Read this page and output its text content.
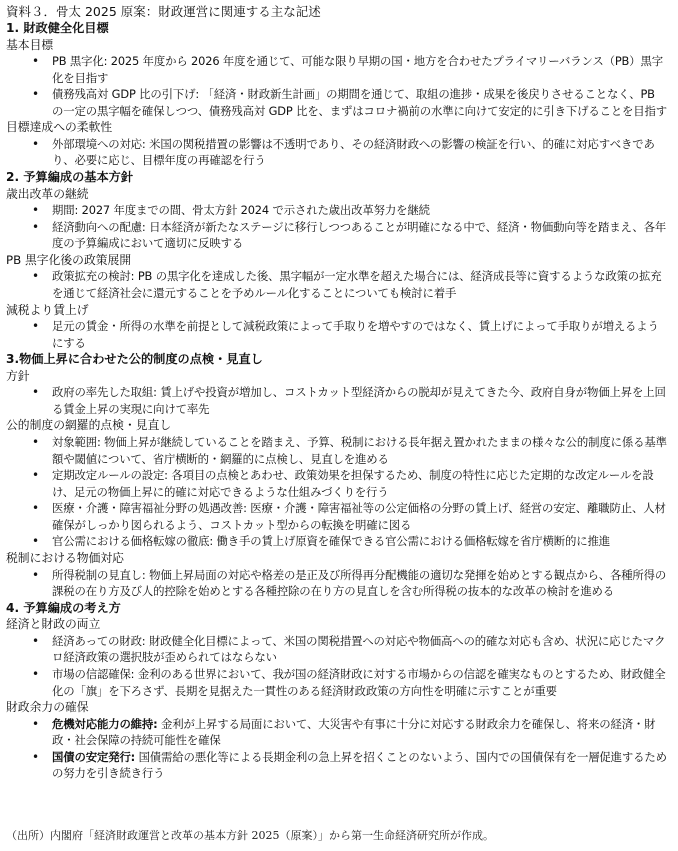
資料３．骨太 2025 原案：財政運営に関連する主な記述
1. 財政健全化目標
基本目標
• PB 黒字化: 2025 年度から 2026 年度を通じて、可能な限り早期の国・地方を合わせたプライマリーバランス（PB）黒字化を目指す
• 債務残高対 GDP 比の引下げ: 「経済・財政新生計画」の期間を通じて、取組の進捗・成果を後戻りさせることなく、PB の一定の黒字幅を確保しつつ、債務残高対 GDP 比を、まずはコロナ禍前の水準に向けて安定的に引き下げることを目指す
目標達成への柔軟性
• 外部環境への対応: 米国の関税措置の影響は不透明であり、その経済財政への影響の検証を行い、的確に対応すべきであり、必要に応じ、目標年度の再確認を行う
2. 予算編成の基本方針
歳出改革の継続
• 期間: 2027 年度までの間、骨太方針 2024 で示された歳出改革努力を継続
• 経済動向への配慮: 日本経済が新たなステージに移行しつつあることが明確になる中で、経済・物価動向等を踏まえ、各年度の予算編成において適切に反映する
PB 黒字化後の政策展開
• 政策拡充の検討: PB の黒字化を達成した後、黒字幅が一定水準を超えた場合には、経済成長等に資するような政策の拡充を通じて経済社会に還元することを予めルール化することについても検討に着手
減税より賃上げ
• 足元の賃金・所得の水準を前提として減税政策によって手取りを増やすのではなく、賃上げによって手取りが増えるようにする
3.物価上昇に合わせた公的制度の点検・見直し
方針
• 政府の率先した取組: 賃上げや投資が増加し、コストカット型経済からの脱却が見えてきた今、政府自身が物価上昇を上回る賃金上昇の実現に向けて率先
公的制度の網羅的点検・見直し
• 対象範囲: 物価上昇が継続していることを踏まえ、予算、税制における長年据え置かれたままの様々な公的制度に係る基準額や閾値について、省庁横断的・網羅的に点検し、見直しを進める
• 定期改定ルールの設定: 各項目の点検とあわせ、政策効果を担保するため、制度の特性に応じた定期的な改定ルールを設け、足元の物価上昇に的確に対応できるような仕組みづくりを行う
• 医療・介護・障害福祉分野の処遇改善: 医療・介護・障害福祉等の公定価格の分野の賃上げ、経営の安定、離職防止、人材確保がしっかり図られるよう、コストカット型からの転換を明確に図る
• 官公需における価格転嫁の徹底: 働き手の賃上げ原資を確保できる官公需における価格転嫁を省庁横断的に推進
税制における物価対応
• 所得税制の見直し: 物価上昇局面の対応や格差の是正及び所得再分配機能の適切な発揮を始めとする観点から、各種所得の課税の在り方及び人的控除を始めとする各種控除の在り方の見直しを含む所得税の抜本的な改革の検討を進める
4. 予算編成の考え方
経済と財政の両立
• 経済あっての財政: 財政健全化目標によって、米国の関税措置への対応や物価高への的確な対応も含め、状況に応じたマクロ経済政策の選択肢が歪められてはならない
• 市場の信認確保: 金利のある世界において、我が国の経済財政に対する市場からの信認を確実なものとするため、財政健全化の「旗」を下ろさず、長期を見据えた一貫性のある経済財政政策の方向性を明確に示すことが重要
財政余力の確保
• 危機対応能力の維持: 金利が上昇する局面において、大災害や有事に十分に対応する財政余力を確保し、将来の経済・財政・社会保障の持続可能性を確保
• 国債の安定発行: 国債需給の悪化等による長期金利の急上昇を招くことのないよう、国内での国債保有を一層促進するための努力を引き続き行う
（出所）内閣府「経済財政運営と改革の基本方針 2025（原案）」から第一生命経済研究所が作成。
